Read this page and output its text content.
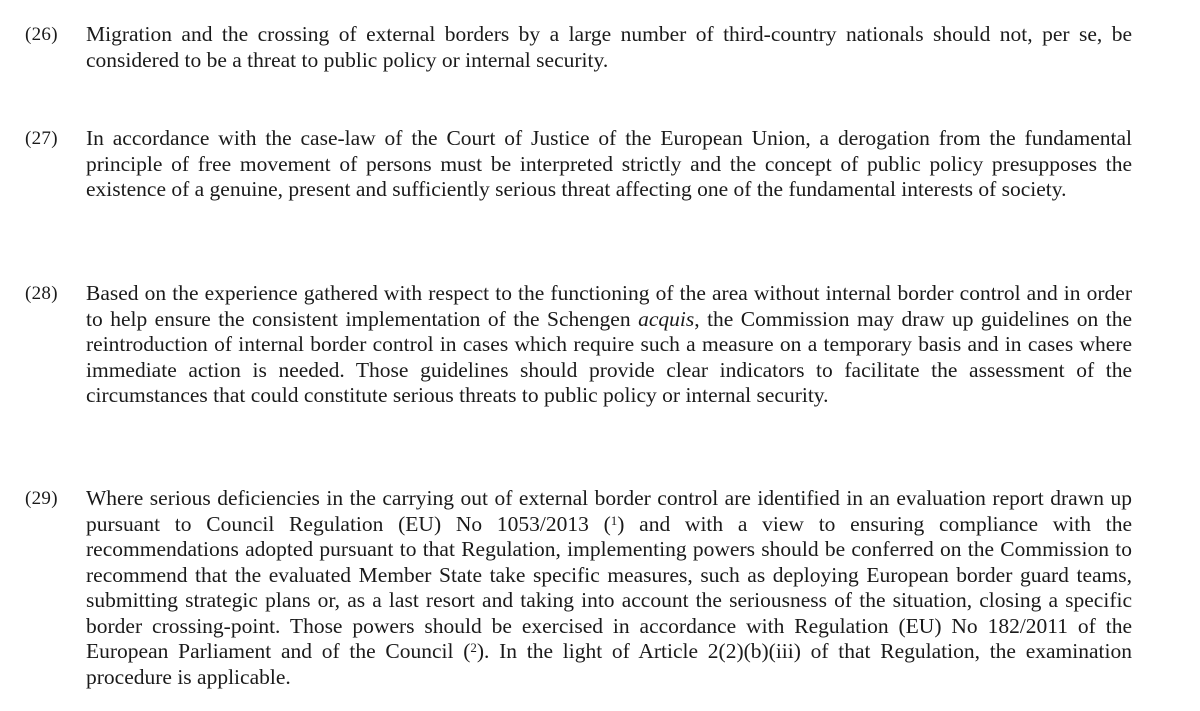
(26) Migration and the crossing of external borders by a large number of third-country nationals should not, per se, be considered to be a threat to public policy or internal security.

(27) In accordance with the case-law of the Court of Justice of the European Union, a derogation from the fundamental principle of free movement of persons must be interpreted strictly and the concept of public policy presupposes the existence of a genuine, present and sufficiently serious threat affecting one of the fundamental interests of society.

(28) Based on the experience gathered with respect to the functioning of the area without internal border control and in order to help ensure the consistent implementation of the Schengen acquis, the Commission may draw up guidelines on the reintroduction of internal border control in cases which require such a measure on a temporary basis and in cases where immediate action is needed. Those guidelines should provide clear indicators to facilitate the assessment of the circumstances that could constitute serious threats to public policy or internal security.

(29) Where serious deficiencies in the carrying out of external border control are identified in an evaluation report drawn up pursuant to Council Regulation (EU) No 1053/2013 ($^1$) and with a view to ensuring compliance with the recommendations adopted pursuant to that Regulation, implementing powers should be conferred on the Commission to recommend that the evaluated Member State take specific measures, such as deploying European border guard teams, submitting strategic plans or, as a last resort and taking into account the seriousness of the situation, closing a specific border crossing-point. Those powers should be exercised in accordance with Regulation (EU) No 182/2011 of the European Parliament and of the Council ($^2$). In the light of Article 2(2)(b)(iii) of that Regulation, the examination procedure is applicable.
